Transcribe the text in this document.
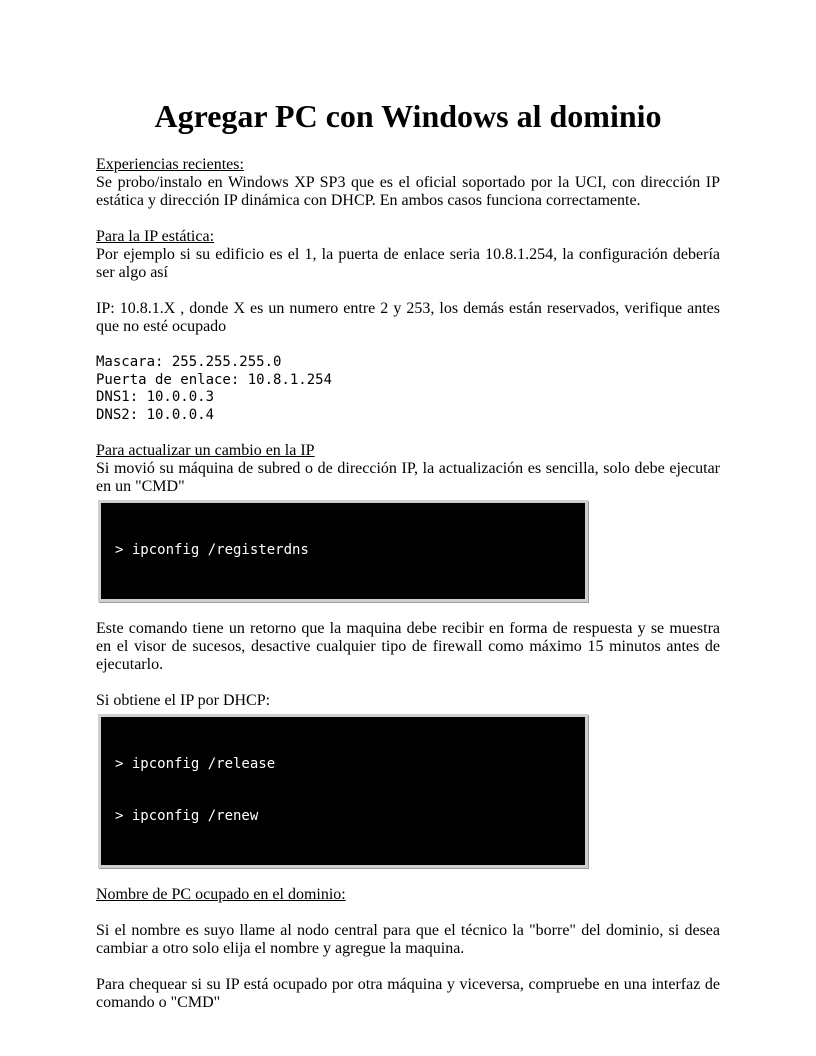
Agregar PC con Windows al dominio
Experiencias recientes:

Se probo/instalo en Windows XP SP3 que es el oficial soportado por la UCI, con dirección IP estática y dirección IP dinámica con DHCP. En ambos casos funciona correctamente.

Para la IP estática:

Por ejemplo si su edificio es el 1, la puerta de enlace seria 10.8.1.254, la configuración debería ser algo así

IP: 10.8.1.X , donde X es un numero entre 2 y 253, los demás están reservados, verifique antes que no esté ocupado

Mascara: 255.255.255.0
Puerta de enlace: 10.8.1.254
DNS1: 10.0.0.3
DNS2: 10.0.0.4
Para actualizar un cambio en la IP

Si movió su máquina de subred o de dirección IP, la actualización es sencilla, solo debe ejecutar en un "CMD"

> ipconfig /registerdns

Este comando tiene un retorno que la maquina debe recibir en forma de respuesta y se muestra en el visor de sucesos, desactive cualquier tipo de firewall como máximo 15 minutos antes de ejecutarlo.

Si obtiene el IP por DHCP:

> ipconfig /release

> ipconfig /renew

Nombre de PC ocupado en el dominio:

Si el nombre es suyo llame al nodo central para que el técnico la "borre" del dominio, si desea cambiar a otro solo elija el nombre y agregue la maquina.

Para chequear si su IP está ocupado por otra máquina y viceversa, compruebe en una interfaz de comando o "CMD"
